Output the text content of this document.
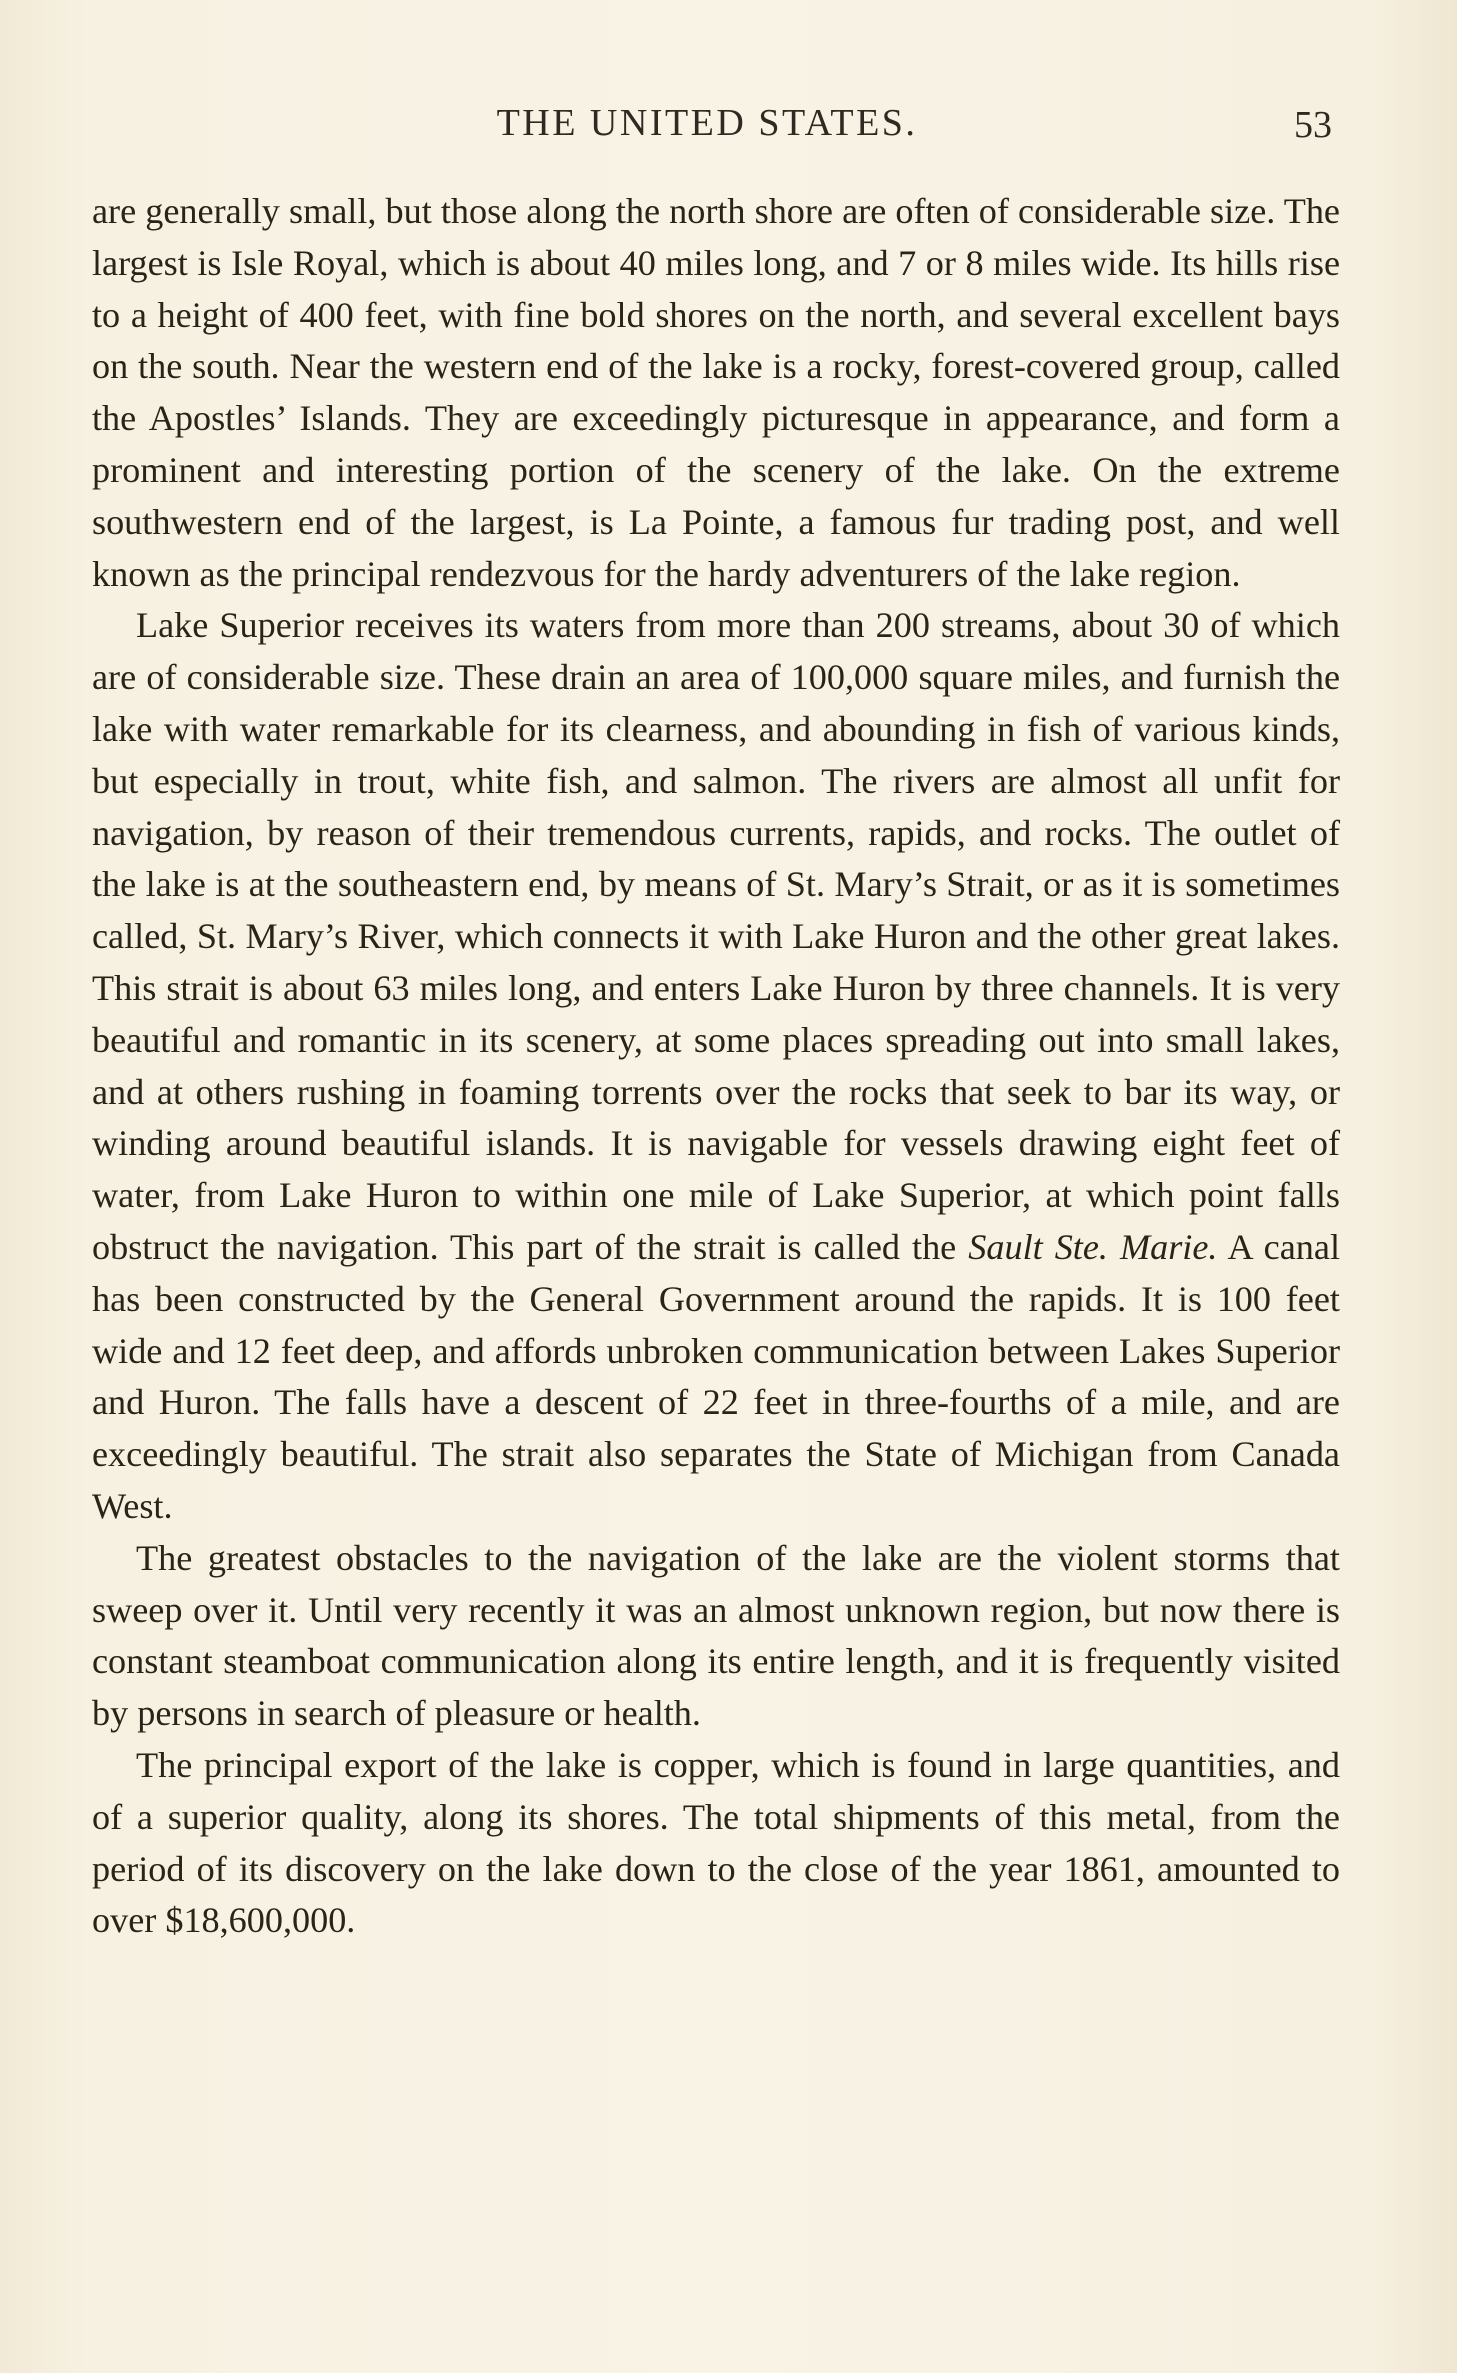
THE UNITED STATES.	53

are generally small, but those along the north shore are often of considerable size. The largest is Isle Royal, which is about 40 miles long, and 7 or 8 miles wide. Its hills rise to a height of 400 feet, with fine bold shores on the north, and several excellent bays on the south. Near the western end of the lake is a rocky, forest-covered group, called the Apostles’ Islands. They are exceedingly picturesque in appearance, and form a prominent and interesting portion of the scenery of the lake. On the extreme southwestern end of the largest, is La Pointe, a famous fur trading post, and well known as the principal rendezvous for the hardy adventurers of the lake region.

Lake Superior receives its waters from more than 200 streams, about 30 of which are of considerable size. These drain an area of 100,000 square miles, and furnish the lake with water remarkable for its clearness, and abounding in fish of various kinds, but especially in trout, white fish, and salmon. The rivers are almost all unfit for navigation, by reason of their tremendous currents, rapids, and rocks. The outlet of the lake is at the southeastern end, by means of St. Mary’s Strait, or as it is sometimes called, St. Mary’s River, which connects it with Lake Huron and the other great lakes. This strait is about 63 miles long, and enters Lake Huron by three channels. It is very beautiful and romantic in its scenery, at some places spreading out into small lakes, and at others rushing in foaming torrents over the rocks that seek to bar its way, or winding around beautiful islands. It is navigable for vessels drawing eight feet of water, from Lake Huron to within one mile of Lake Superior, at which point falls obstruct the navigation. This part of the strait is called the Sault Ste. Marie. A canal has been constructed by the General Government around the rapids. It is 100 feet wide and 12 feet deep, and affords unbroken communication between Lakes Superior and Huron. The falls have a descent of 22 feet in three-fourths of a mile, and are exceedingly beautiful. The strait also separates the State of Michigan from Canada West.

The greatest obstacles to the navigation of the lake are the violent storms that sweep over it. Until very recently it was an almost unknown region, but now there is constant steamboat communication along its entire length, and it is frequently visited by persons in search of pleasure or health.

The principal export of the lake is copper, which is found in large quantities, and of a superior quality, along its shores. The total shipments of this metal, from the period of its discovery on the lake down to the close of the year 1861, amounted to over $18,600,000.
